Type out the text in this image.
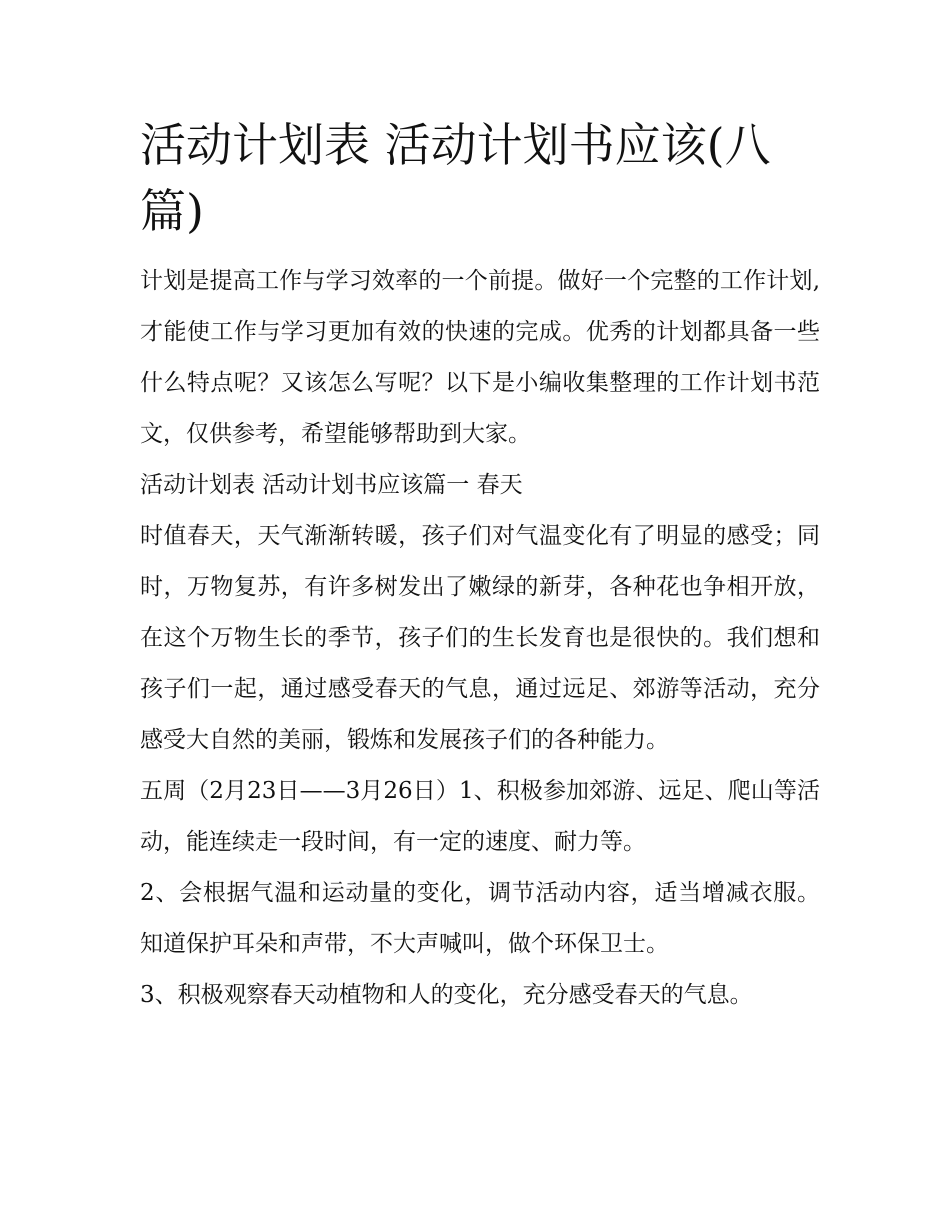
活动计划表 活动计划书应该(八篇)

计划是提高工作与学习效率的一个前提。做好一个完整的工作计划,才能使工作与学习更加有效的快速的完成。优秀的计划都具备一些什么特点呢？又该怎么写呢？以下是小编收集整理的工作计划书范文，仅供参考，希望能够帮助到大家。

活动计划表 活动计划书应该篇一 春天

时值春天，天气渐渐转暖，孩子们对气温变化有了明显的感受；同时，万物复苏，有许多树发出了嫩绿的新芽，各种花也争相开放，在这个万物生长的季节，孩子们的生长发育也是很快的。我们想和孩子们一起，通过感受春天的气息，通过远足、郊游等活动，充分感受大自然的美丽，锻炼和发展孩子们的各种能力。

五周（2月23日——3月26日）1、积极参加郊游、远足、爬山等活动，能连续走一段时间，有一定的速度、耐力等。

2、会根据气温和运动量的变化，调节活动内容，适当增减衣服。知道保护耳朵和声带，不大声喊叫，做个环保卫士。

3、积极观察春天动植物和人的变化，充分感受春天的气息。
